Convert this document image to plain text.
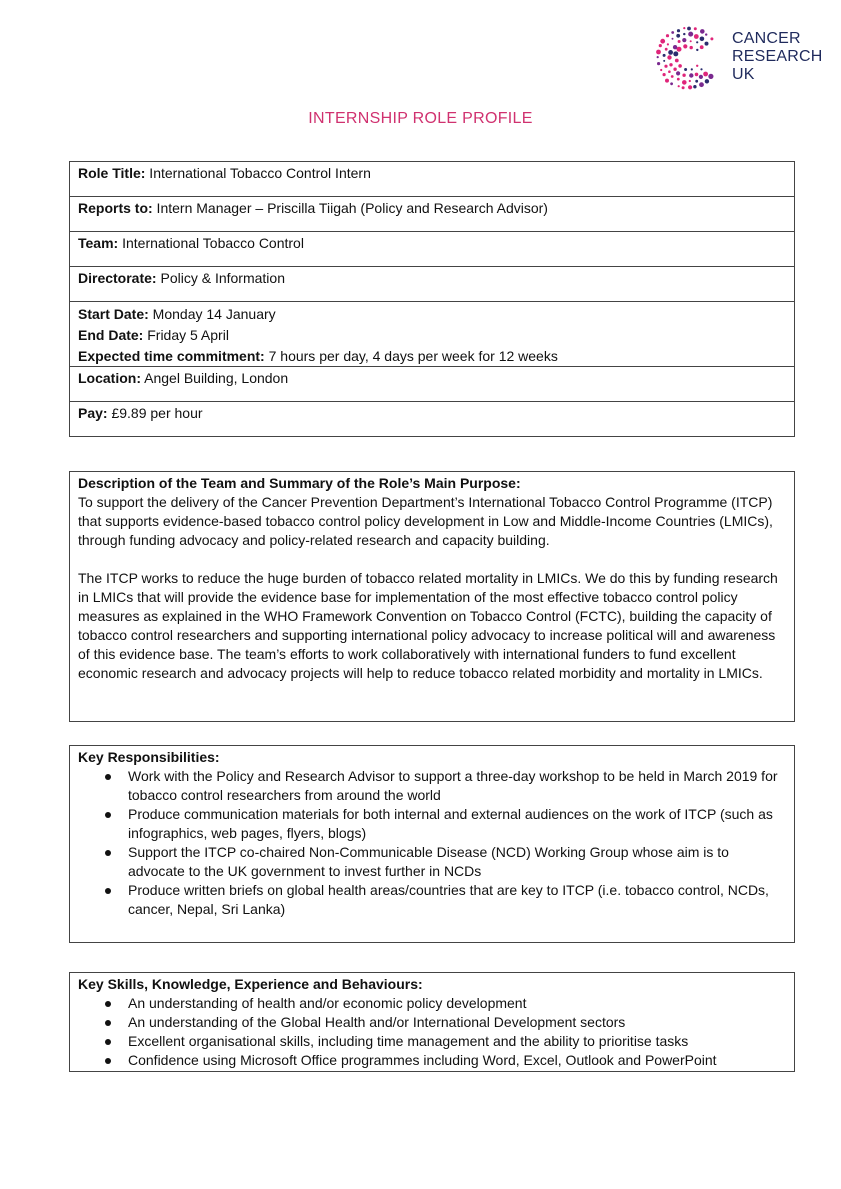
CANCER
RESEARCH
UK
INTERNSHIP ROLE PROFILE
Role Title: International Tobacco Control Intern
Reports to: Intern Manager – Priscilla Tiigah (Policy and Research Advisor)
Team: International Tobacco Control
Directorate: Policy & Information
Start Date: Monday 14 January
End Date: Friday 5 April
Expected time commitment: 7 hours per day, 4 days per week for 12 weeks
Location: Angel Building, London
Pay: £9.89 per hour
Description of the Team and Summary of the Role’s Main Purpose:

To support the delivery of the Cancer Prevention Department’s International Tobacco Control Programme (ITCP) that supports evidence-based tobacco control policy development in Low and Middle-Income Countries (LMICs), through funding advocacy and policy-related research and capacity building.

The ITCP works to reduce the huge burden of tobacco related mortality in LMICs. We do this by funding research in LMICs that will provide the evidence base for implementation of the most effective tobacco control policy measures as explained in the WHO Framework Convention on Tobacco Control (FCTC), building the capacity of tobacco control researchers and supporting international policy advocacy to increase political will and awareness of this evidence base. The team’s efforts to work collaboratively with international funders to fund excellent economic research and advocacy projects will help to reduce tobacco related morbidity and mortality in LMICs.

Key Responsibilities:
Work with the Policy and Research Advisor to support a three-day workshop to be held in March 2019 for tobacco control researchers from around the world
Produce communication materials for both internal and external audiences on the work of ITCP (such as infographics, web pages, flyers, blogs)
Support the ITCP co-chaired Non-Communicable Disease (NCD) Working Group whose aim is to advocate to the UK government to invest further in NCDs
Produce written briefs on global health areas/countries that are key to ITCP (i.e. tobacco control, NCDs, cancer, Nepal, Sri Lanka)
Key Skills, Knowledge, Experience and Behaviours:
An understanding of health and/or economic policy development
An understanding of the Global Health and/or International Development sectors
Excellent organisational skills, including time management and the ability to prioritise tasks
Confidence using Microsoft Office programmes including Word, Excel, Outlook and PowerPoint
